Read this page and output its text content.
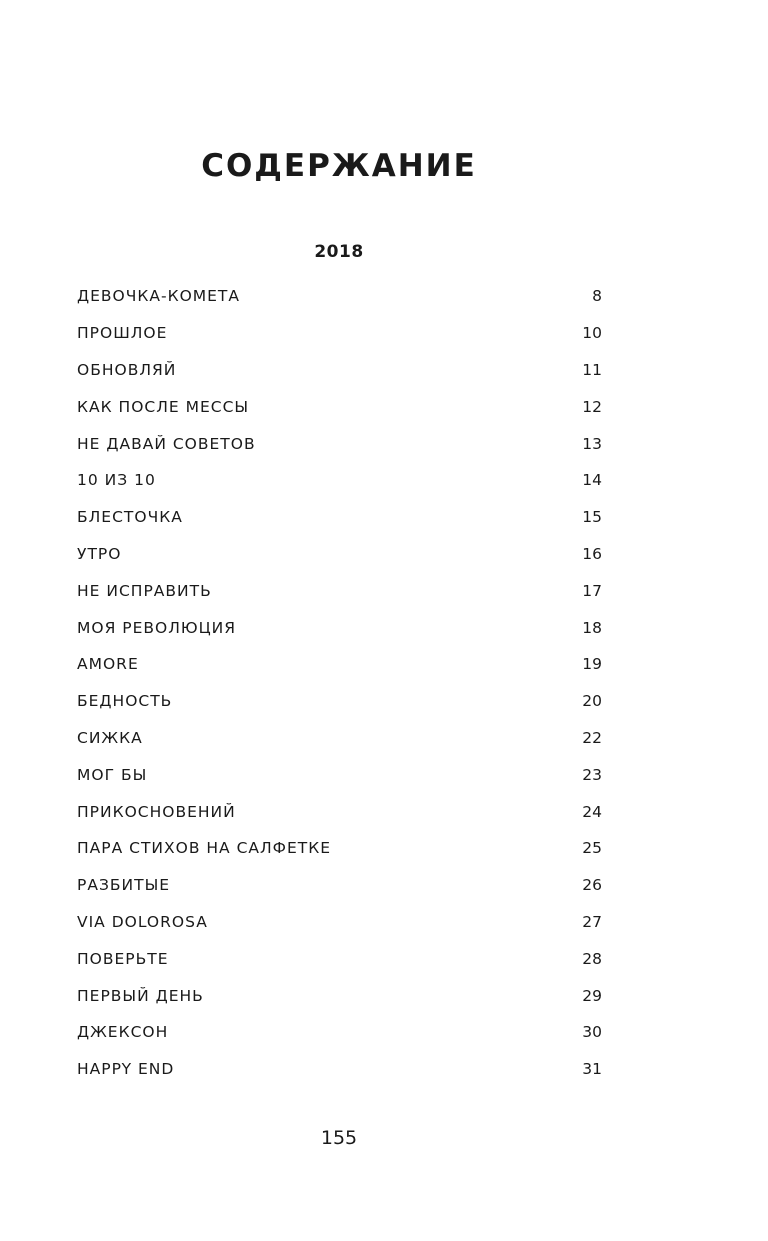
СОДЕРЖАНИЕ
2018
ДЕВОЧКА-КОМЕТА	8
ПРОШЛОЕ	10
ОБНОВЛЯЙ	11
КАК ПОСЛЕ МЕССЫ	12
НЕ ДАВАЙ СОВЕТОВ	13
10 ИЗ 10	14
БЛЕСТОЧКА	15
УТРО	16
НЕ ИСПРАВИТЬ	17
МОЯ РЕВОЛЮЦИЯ	18
AMORE	19
БЕДНОСТЬ	20
СИЖКА	22
МОГ БЫ	23
ПРИКОСНОВЕНИЙ	24
ПАРА СТИХОВ НА САЛФЕТКЕ	25
РАЗБИТЫЕ	26
VIA DOLOROSA	27
ПОВЕРЬТЕ	28
ПЕРВЫЙ ДЕНЬ	29
ДЖЕКСОН	30
HAPPY END	31
155
